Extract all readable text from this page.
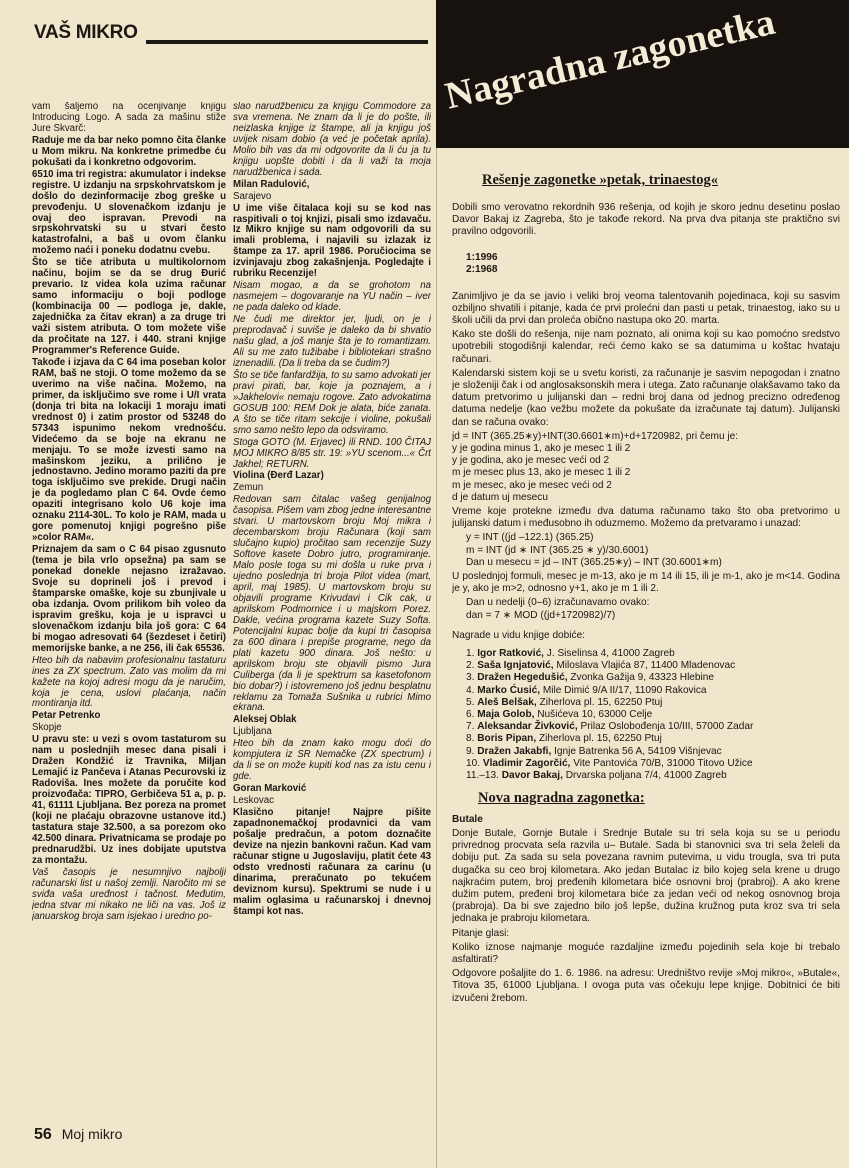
VAŠ MIKRO

vam šaljemo na ocenjivanje knjigu Introducing Logo. A sada za mašinu stiže Jure Skvarč:

Raduje me da bar neko pomno čita članke u Mom mikru. Na konkretne primedbe ću pokušati da i konkretno odgovorim.

6510 ima tri registra: akumulator i indekse registre. U izdanju na srpskohrvatskom je došlo do dezinformacije zbog greške u prevođenju. U slovenačkom izdanju je ovaj deo ispravan. Prevodi na srpskohrvatski su u stvari često katastrofalni, a baš u ovom članku možemo naći i poneku dodatnu cvebu.

Što se tiče atributa u multikolornom načinu, bojim se da se drug Đurić prevario. Iz videa kola uzima računar samo informaciju o boji podloge (kombinacija 00 — podloga je, dakle, zajednička za čitav ekran) a za druge tri važi sistem atributa. O tom možete više da pročitate na 127. i 440. strani knjige Programmer's Reference Guide.

Takođe i izjava da C 64 ima poseban kolor RAM, baš ne stoji. O tome možemo da se uverimo na više načina. Možemo, na primer, da isključimo sve rome i U/I vrata (donja tri bita na lokaciji 1 moraju imati vrednost 0) i zatim prostor od 53248 do 57343 ispunimo nekom vrednošću. Videćemo da se boje na ekranu ne menjaju. To se može izvesti samo na mašinskom jeziku, a prilično je jednostavno. Jedino moramo paziti da pre toga isključimo sve prekide. Drugi način je da pogledamo plan C 64. Ovde ćemo opaziti integrisano kolo U6 koje ima oznaku 2114-30L. To kolo je RAM, mada u gore pomenutoj knjigi pogrešno piše »color RAM«.

Priznajem da sam o C 64 pisao zgusnuto (tema je bila vrlo opsežna) pa sam se ponekad donekle nejasno izražavao. Svoje su doprineli još i prevod i štamparske omaške, koje su zbunjivale u oba izdanja. Ovom prilikom bih voleo da ispravim grešku, koja je u ispravci u slovenačkom izdanju bila još gora: C 64 bi mogao adresovati 64 (šezdeset i četiri) memorijske banke, a ne 256, ili čak 65536.

Hteo bih da nabavim profesionalnu tastaturu ines za ZX spectrum. Zato vas molim da mi kažete na kojoj adresi mogu da je naručim, koja je cena, uslovi plaćanja, način montiranja itd.

Petar Petrenko

Skopje

U pravu ste: u vezi s ovom tastaturom su nam u poslednjih mesec dana pisali i Dražen Kondžić iz Travnika, Miljan Lemajić iz Pančeva i Atanas Pecurovski iz Radoviša. Ines možete da poručite kod proizvođača: TIPRO, Gerbičeva 51 a, p. p. 41, 61111 Ljubljana. Bez poreza na promet (koji ne plaćaju obrazovne ustanove itd.) tastatura staje 32.500, a sa porezom oko 42.500 dinara. Privatnicama se prodaje po prednarudžbi. Uz ines dobijate uputstva za montažu.

Vaš časopis je nesumnjivo najbolji računarski list u našoj zemlji. Naročito mi se sviđa vaša uređnost i tačnost. Međutim, jedna stvar mi nikako ne liči na vas. Još iz januarskog broja sam isjekao i uredno po-

slao narudžbenicu za knjigu Commodore za sva vremena. Ne znam da li je do pošte, ili neizlaska knjige iz štampe, ali ja knjigu još uvijek nisam dobio (a već je početak aprila). Molio bih vas da mi odgovorite da li ću ja tu knjigu uopšte dobiti i da li važi ta moja narudžbenica i sada.

Milan Radulović,

Sarajevo

U ime više čitalaca koji su se kod nas raspitivali o toj knjizi, pisali smo izdavaču. Iz Mikro knjige su nam odgovorili da su imali problema, i najavili su izlazak iz štampe za 17. april 1986. Poručiocima se izvinjavaju zbog zakašnjenja. Pogledajte i rubriku Recenzije!

Nisam mogao, a da se grohotom na nasmejem – dogovaranje na YU način – iver ne pada daleko od klade.

Ne čudi me direktor jer, ljudi, on je i preprodavač i suviše je daleko da bi shvatio našu glad, a još manje šta je to romantizam. Ali su me zato tužibabe i bibliotekari strašno iznenadili. (Da li treba da se čudim?)

Što se tiče fanfardžija, to su samo advokati jer pravi pirati, bar, koje ja poznajem, a i »Jakhelovi« nemaju rogove. Zato advokatima GOSUB 100: REM Dok je alata, biće zanata. A što se tiče ritam sekcije i violine, pokušali smo samo nešto lepo da odsviramo.

Stoga GOTO (M. Erjavec) ili RND. 100 ČITAJ MOJ MIKRO 8/85 str. 19: »YU scenom...« Črt Jakhel; RETURN.

Violina (Đerđ Lazar)

Zemun

Redovan sam čitalac vašeg genijalnog časopisa. Pišem vam zbog jedne interesantne stvari. U martovskom broju Moj mikra i decembarskom broju Računara (koji sam slučajno kupio) pročitao sam recenzije Suzy Softove kasete Dobro jutro, programiranje. Malo posle toga su mi došla u ruke prva i ujedno poslednja tri broja Pilot videa (mart, april, maj 1985). U martovskom broju su objavili programe Krivudavi i Cik cak, u aprilskom Podmornice i u majskom Porez. Dakle, većina programa kazete Suzy Softa. Potencijalni kupac bolje da kupi tri časopisa za 600 dinara i prepiše programe, nego da plati kazetu 900 dinara. Još nešto: u aprilskom broju ste objavili pismo Jura Culiberga (da li je spektrum sa kasetofonom bio dobar?) i istovremeno još jednu besplatnu reklamu za Tomaža Sušnika u rubrici Mimo ekrana.

Aleksej Oblak

Ljubljana

Hteo bih da znam kako mogu doći do kompjutera iz SR Nemačke (ZX spectrum) i da li se on može kupiti kod nas za istu cenu i gde.

Goran Marković

Leskovac

Klasično pitanje! Najpre pišite zapadnonemačkoj prodavnici da vam pošalje predračun, a potom doznačite devize na njezin bankovni račun. Kad vam računar stigne u Jugoslaviju, platit ćete 43 odsto vrednosti računara za carinu (u dinarima, preračunato po tekućem deviznom kursu). Spektrumi se nude i u malim oglasima u računarskoj i dnevnoj štampi kot nas.

Nagradna zagonetka
Rešenje zagonetke »petak, trinaestog«

Dobili smo verovatno rekordnih 936 rešenja, od kojih je skoro jednu desetinu poslao Davor Bakaj iz Zagreba, što je takođe rekord. Na prva dva pitanja ste praktično svi pravilno odgovorili.

1:1996
2:1968

Zanimljivo je da se javio i veliki broj veoma talentovanih pojedinaca, koji su sasvim ozbiljno shvatili i pitanje, kada će prvi prolećni dan pasti u petak, trinaestog, iako su u školi učili da prvi dan proleća obično nastupa oko 20. marta.

Kako ste došli do rešenja, nije nam poznato, ali onima koji su kao pomoćno sredstvo upotrebili stogodišnji kalendar, reći ćemo kako se sa datumima u koštac hvataju računari.

Kalendarski sistem koji se u svetu koristi, za računanje je sasvim nepogodan i znatno je složeniji čak i od anglosaksonskih mera i utega. Zato računanje olakšavamo tako da datum pretvorimo u julijanski dan – redni broj dana od jednog precizno određenog datuma nedelje (kao vežbu možete da pokušate da izračunate taj datum). Julijanski dan se računa ovako:

jd = INT (365.25∗y)+INT(30.6601∗m)+d+1720982, pri čemu je:
y je godina minus 1, ako je mesec 1 ili 2
y je godina, ako je mesec veći od 2
m je mesec plus 13, ako je mesec 1 ili 2
m je mesec, ako je mesec veći od 2
d je datum uj mesecu

Vreme koje protekne između dva datuma računamo tako što oba pretvorimo u julijanski datum i međusobno ih oduzmemo. Možemo da pretvaramo i unazad:

y = INT ((jd –122.1) (365.25)
m = INT (jd ∗ INT (365.25 ∗ y)/30.6001)
Dan u mesecu = jd – INT (365.25∗y) – INT (30.6001∗m)

U poslednjoj formuli, mesec je m-13, ako je m 14 ili 15, ili je m-1, ako je m<14. Godina je y, ako je m>2, odnosno y+1, ako je m 1 ili 2.

Dan u nedelji (0–6) izračunavamo ovako:
dan = 7 ∗ MOD ((jd+1720982)/7)

Nagrade u vidu knjige dobiće:

1. Igor Ratković, J. Siselinsa 4, 41000 Zagreb
2. Saša Ignjatović, Miloslava Vlajića 87, 11400 Mladenovac
3. Dražen Hegedušić, Zvonka Gažija 9, 43323 Hlebine
4. Marko Ćusić, Mile Dimić 9/A II/17, 11090 Rakovica
5. Aleš Belšak, Ziherlova pl. 15, 62250 Ptuj
6. Maja Golob, Nušićeva 10, 63000 Celje
7. Aleksandar Živković, Prilaz Oslobođenja 10/III, 57000 Zadar
8. Boris Pipan, Ziherlova pl. 15, 62250 Ptuj
9. Dražen Jakabfi, Ignje Batrenka 56 A, 54109 Višnjevac
10. Vladimir Zagorčić, Vite Pantovića 70/B, 31000 Titovo Užice
11.–13. Davor Bakaj, Drvarska poljana 7/4, 41000 Zagreb
Nova nagradna zagonetka:

Butale

Donje Butale, Gornje Butale i Srednje Butale su tri sela koja su se u periodu privrednog procvata sela razvila u– Butale. Sada bi stanovnici sva tri sela želeli da dobiju put. Za sada su sela povezana ravnim putevima, u vidu trougla, sva tri puta dugačka su ceo broj kilometara. Ako jedan Butalac iz bilo kojeg sela krene u drugo najkraćim putem, broj pređenih kilometara biće osnovni broj (prabroj). A ako krene dužim putem, pređeni broj kilometara biće za jedan veći od nekog osnovnog broja (prabroja). Da bi sve zajedno bilo još lepše, dužina kružnog puta kroz sva tri sela jednaka je prabroju kilometara.

Pitanje glasi:

Koliko iznose najmanje moguće razdaljine između pojedinih sela koje bi trebalo asfaltirati?

Odgovore pošaljite do 1. 6. 1986. na adresu: Uredništvo revije »Moj mikro«, »Butale«, Titova 35, 61000 Ljubljana. I ovoga puta vas očekuju lepe knjige. Dobitnici će biti izvučeni žrebom.

56 Moj mikro
